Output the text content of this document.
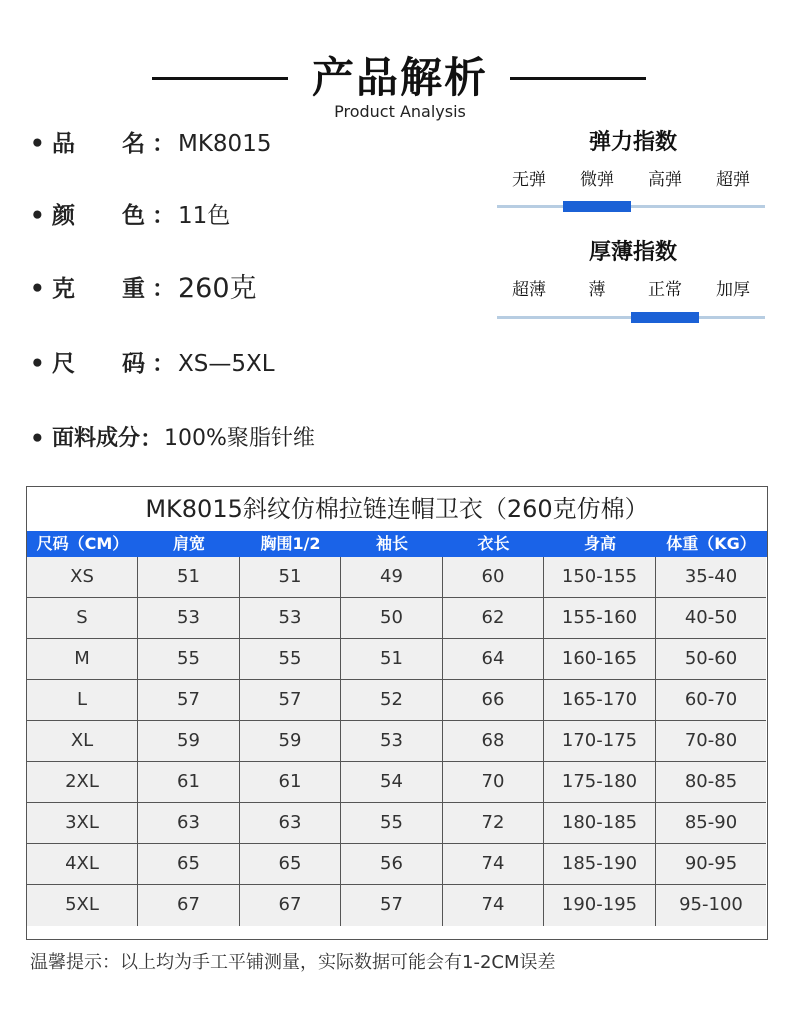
产品解析
Product Analysis
• 品 名 ： MK8015
• 颜 色 ： 11色
• 克 重 ： 260克
• 尺 码 ： XS—5XL
• 面料成分 ： 100%聚脂针维
弹力指数
无弹	微弹	高弹	超弹
厚薄指数
超薄	薄	正常	加厚
MK8015斜纹仿棉拉链连帽卫衣（260克仿棉）
尺码（CM）	肩宽	胸围1/2	袖长	衣长	身高	体重（KG）
XS	51	51	49	60	150-155	35-40
S	53	53	50	62	155-160	40-50
M	55	55	51	64	160-165	50-60
L	57	57	52	66	165-170	60-70
XL	59	59	53	68	170-175	70-80
2XL	61	61	54	70	175-180	80-85
3XL	63	63	55	72	180-185	85-90
4XL	65	65	56	74	185-190	90-95
5XL	67	67	57	74	190-195	95-100
温馨提示：以上均为手工平铺测量，实际数据可能会有1-2CM误差
